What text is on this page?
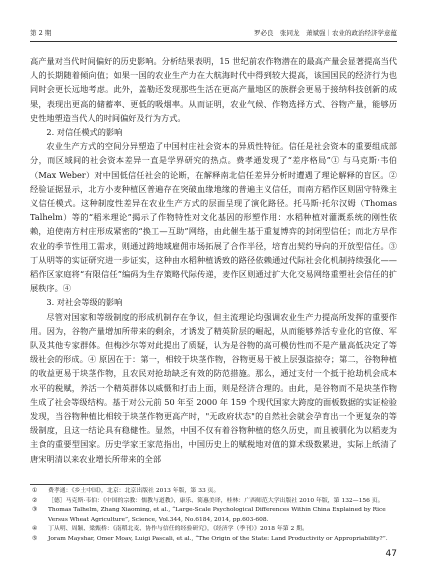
第 2 期	罗必良　张同龙　萧斌强｜农业的政治经济学意蕴

高产量对当代时间偏好的历史影响。分析结果表明，15 世纪前农作物潜在的最高产量会显著提高当代人的长期随着倾向值；如果一国的农业生产力在大航海时代中得到较大提高，该国国民的经济行为也同时会更长远地考虑。此外，盖勒还发现那些生活在更高产量地区的族群会更易于接纳科技创新的成果，表现出更高的储蓄率、更低的吸烟率。从而证明，农业气候、作物选择方式、谷物产量，能够历史性地塑造当代人的时间偏好及行为方式。

2. 对信任模式的影响

农业生产方式的空间分异塑造了中国村庄社会资本的异质性特征。信任是社会资本的重要组成部分，而区域间的社会资本差异一直是学界研究的热点。费孝通发现了“差序格局”① 与马克斯·韦伯（Max Weber）对中国低信任社会的论断，在解释南北信任差异分析时遭遇了理论解释的盲区。② 经验证据显示，北方小麦种植区普遍存在突破血缘地缘的普遍主义信任，而南方稻作区则固守特殊主义信任模式。这种制度性差异在农业生产方式的层面呈现了演化路径。托马斯·托尔汉姆（Thomas Talhelm）等的“稻米理论”揭示了作物特性对文化基因的形塑作用：水稻种植对灌溉系统的刚性依赖，迫使南方村庄形成紧密的“换工—互助”网络，由此催生基于重复博弈的封闭型信任；而北方早作农业的季节性用工需求，则通过跨地域雇佣市场拓展了合作半径，培育出契约导向的开放型信任。③ 丁从明等的实证研究进一步证实，这种由水稻种植诱致的路径依赖通过代际社会化机制持续强化——稻作区家庭将“有限信任”编码为生存策略代际传递，麦作区则通过扩大化交易网络重塑社会信任的扩展秩序。④

3. 对社会等级的影响

尽管对国家和等级制度的形成机制存在争议，但主流理论均强调农业生产力提高所发挥的重要作用。因为，谷物产量增加所带来的剩余，才诱发了精英阶层的崛起，从而能够养活专业化的官僚、军队及其他专家群体。但梅沙尔等对此提出了质疑，认为是谷物的高可模仿性而不是产量高低决定了等级社会的形成。④ 原因在于：第一，相较于块茎作物，谷物更易于被上层强盗掠夺；第二，谷物种植的收益更易于块茎作物，且农民对抢劫缺乏有效的防范措施。那么，通过支付一个抵于抢劫机会成本水平的税赋，养活一个精英群体以威慑和打击上面，则是经济合理的。由此，是谷物而不是块茎作物生成了社会等级结构。基于对公元前 50 年至 2000 年 159 个现代国家大跨度的面板数据的实证检验发现，当谷物种植比相较于块茎作物更高产时，"无政府状态"的自然社会就会孕育出一个更复杂的等级制度，且这一结论具有稳健性。显然，中国不仅有着谷物种植的悠久历史，而且被驯化为以稻麦为主食的重要型国家。历史学家王家范指出，中国历史上的赋税地对值的算术级数累进，实际上纸清了唐宋明清以来农业增长所带来的全部

① 费孝通：《乡土中国》，北京：北京出版社 2013 年版，第 33 页。
② ［德］马克斯·韦伯：《中国的宗教：儒教与道教》，康乐、简惠美译，桂林：广西师范大学出版社 2010 年版，第 132—156 页。
③ Thomas Talhelm, Zhang Xiaoming, et al., “Large-Scale Psychological Differences Within China Explained by Rice Versus Wheat Agriculture”, Science, Vol.344, No.6184, 2014, pp.603-608.
④ 丁从明、周颖、梁甄桥：《南稻北麦、协作与信任的经验研究》，《经济学（季刊）》2018 年第 2 期。
⑤ Joram Mayshar, Omer Moav, Luigi Pascali, et al., “The Origin of the State: Land Productivity or Appropriability?”.
47
